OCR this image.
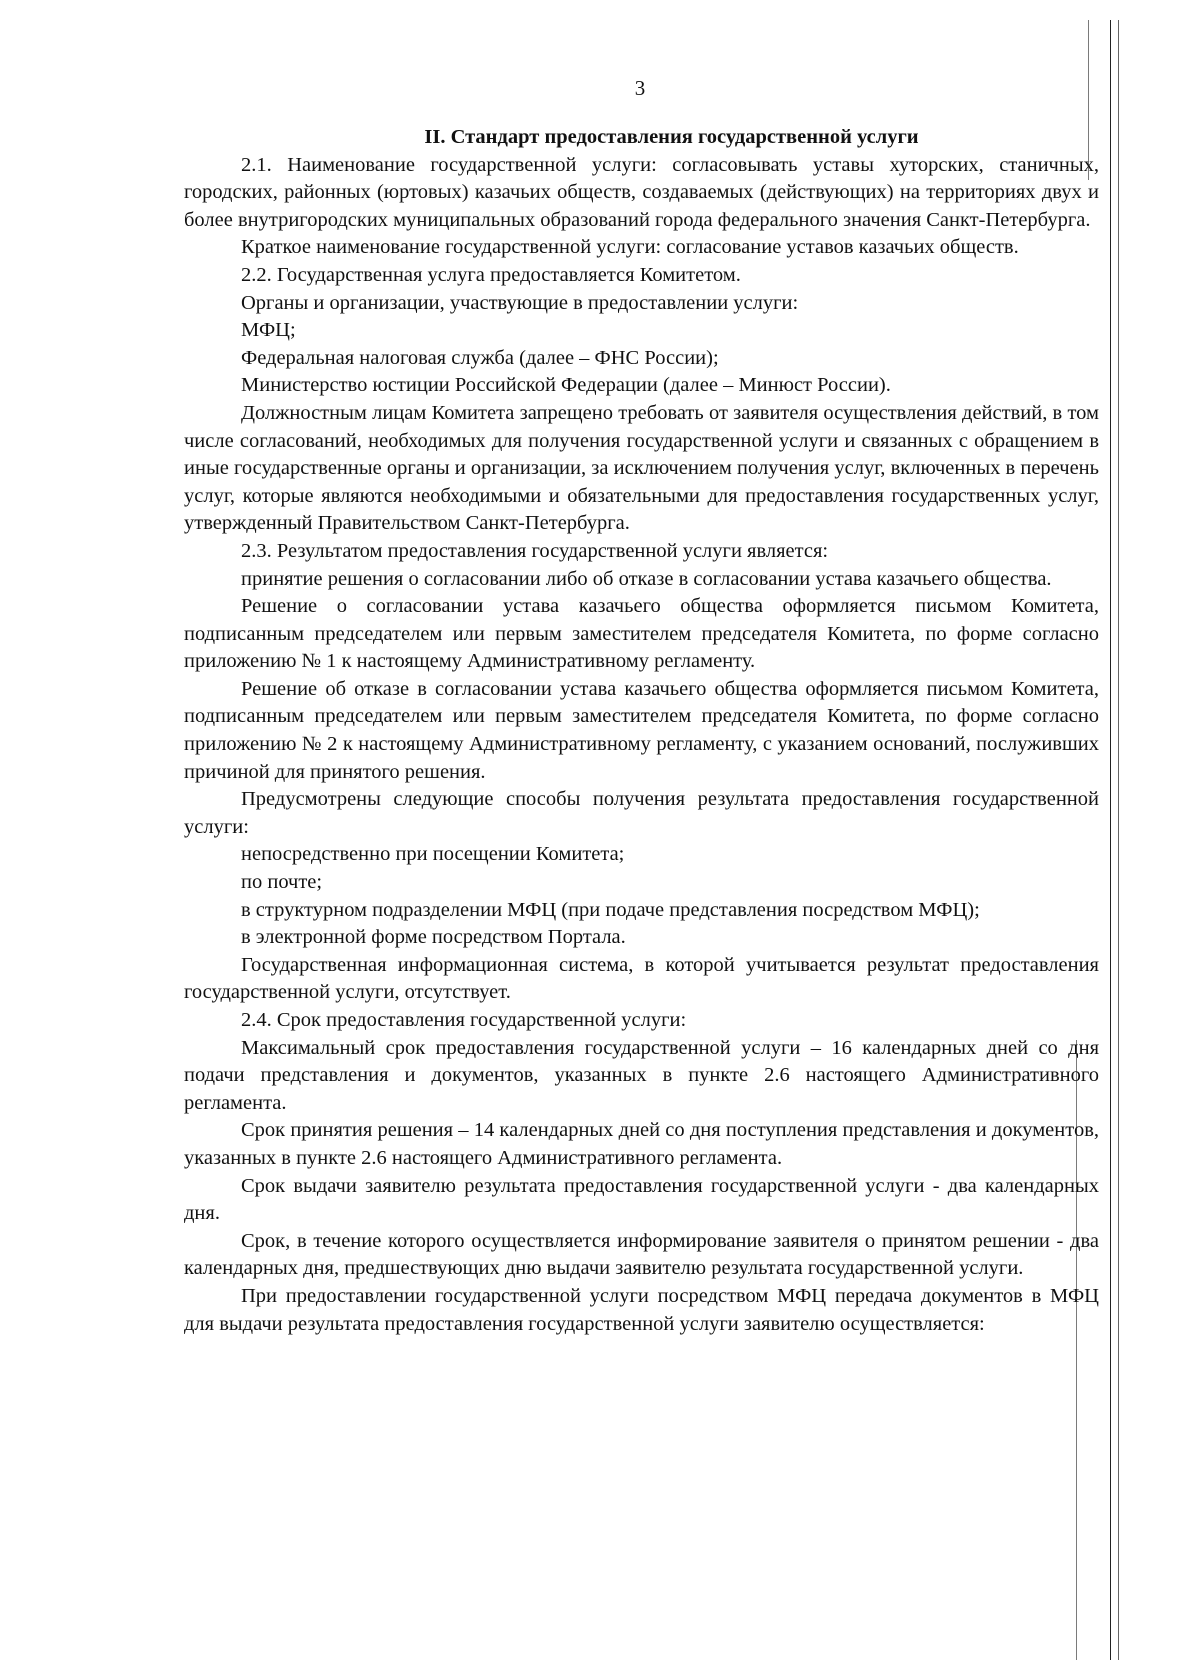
3
II. Стандарт предоставления государственной услуги
2.1. Наименование государственной услуги: согласовывать уставы хуторских, станичных, городских, районных (юртовых) казачьих обществ, создаваемых (действующих) на территориях двух и более внутригородских муниципальных образований города федерального значения Санкт-Петербурга.
Краткое наименование государственной услуги: согласование уставов казачьих обществ.
2.2. Государственная услуга предоставляется Комитетом.
Органы и организации, участвующие в предоставлении услуги:
МФЦ;
Федеральная налоговая служба (далее – ФНС России);
Министерство юстиции Российской Федерации (далее – Минюст России).
Должностным лицам Комитета запрещено требовать от заявителя осуществления действий, в том числе согласований, необходимых для получения государственной услуги и связанных с обращением в иные государственные органы и организации, за исключением получения услуг, включенных в перечень услуг, которые являются необходимыми и обязательными для предоставления государственных услуг, утвержденный Правительством Санкт-Петербурга.
2.3. Результатом предоставления государственной услуги является:
принятие решения о согласовании либо об отказе в согласовании устава казачьего общества.
Решение о согласовании устава казачьего общества оформляется письмом Комитета, подписанным председателем или первым заместителем председателя Комитета, по форме согласно приложению № 1 к настоящему Административному регламенту.
Решение об отказе в согласовании устава казачьего общества оформляется письмом Комитета, подписанным председателем или первым заместителем председателя Комитета, по форме согласно приложению № 2 к настоящему Административному регламенту, с указанием оснований, послуживших причиной для принятого решения.
Предусмотрены следующие способы получения результата предоставления государственной услуги:
непосредственно при посещении Комитета;
по почте;
в структурном подразделении МФЦ (при подаче представления посредством МФЦ);
в электронной форме посредством Портала.
Государственная информационная система, в которой учитывается результат предоставления государственной услуги, отсутствует.
2.4. Срок предоставления государственной услуги:
Максимальный срок предоставления государственной услуги – 16 календарных дней со дня подачи представления и документов, указанных в пункте 2.6 настоящего Административного регламента.
Срок принятия решения – 14 календарных дней со дня поступления представления и документов, указанных в пункте 2.6 настоящего Административного регламента.
Срок выдачи заявителю результата предоставления государственной услуги - два календарных дня.
Срок, в течение которого осуществляется информирование заявителя о принятом решении - два календарных дня, предшествующих дню выдачи заявителю результата государственной услуги.
При предоставлении государственной услуги посредством МФЦ передача документов в МФЦ для выдачи результата предоставления государственной услуги заявителю осуществляется:
